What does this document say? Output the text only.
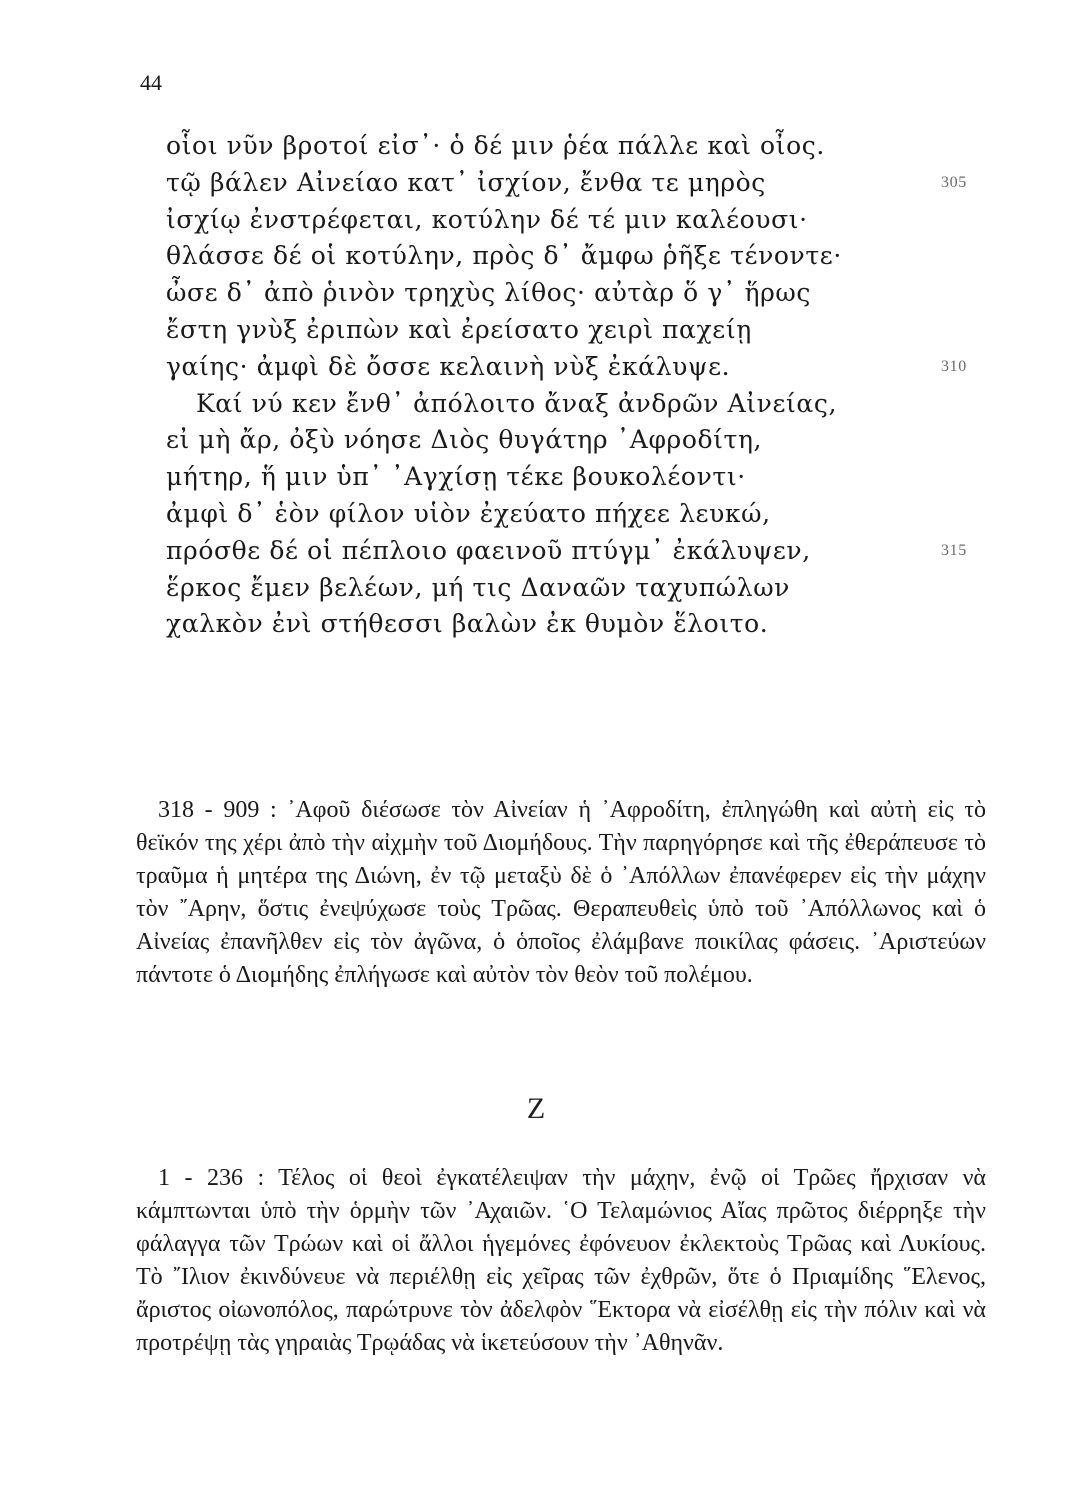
44
οἷοι νῦν βροτοί εἰσ᾽· ὁ δέ μιν ῥέα πάλλε καὶ οἶος.
τῷ βάλεν Αἰνείαο κατ᾽ ἰσχίον, ἔνθα τε μηρὸς	305
ἰσχίῳ ἐνστρέφεται, κοτύλην δέ τέ μιν καλέουσι·
θλάσσε δέ οἱ κοτύλην, πρὸς δ᾽ ἄμφω ῥῆξε τένοντε·
ὦσε δ᾽ ἀπὸ ῥινὸν τρηχὺς λίθος· αὐτὰρ ὅ γ᾽ ἥρως
ἔστη γνὺξ ἐριπὼν καὶ ἐρείσατο χειρὶ παχείῃ
γαίης· ἀμφὶ δὲ ὄσσε κελαινὴ νὺξ ἐκάλυψε.	310
Καί νύ κεν ἔνθ᾽ ἀπόλοιτο ἄναξ ἀνδρῶν Αἰνείας,
εἰ μὴ ἄρ, ὀξὺ νόησε Διὸς θυγάτηρ ᾽Αφροδίτη,
μήτηρ, ἥ μιν ὑπ᾽ ᾽Αγχίσῃ τέκε βουκολέοντι·
ἀμφὶ δ᾽ ἑὸν φίλον υἱὸν ἐχεύατο πήχεε λευκώ,
πρόσθε δέ οἱ πέπλοιο φαεινοῦ πτύγμ᾽ ἐκάλυψεν,	315
ἕρκος ἔμεν βελέων, μή τις Δαναῶν ταχυπώλων
χαλκὸν ἐνὶ στήθεσσι βαλὼν ἐκ θυμὸν ἕλοιτο.

318 - 909 : ᾽Αφοῦ διέσωσε τὸν Αἰνείαν ἡ ᾽Αφροδίτη, ἐπληγώθη καὶ αὐτὴ εἰς τὸ θεϊκόν της χέρι ἀπὸ τὴν αἰχμὴν τοῦ Διομήδους. Τὴν παρηγόρησε καὶ τῆς ἐθεράπευσε τὸ τραῦμα ἡ μητέρα της Διώνη, ἐν τῷ μεταξὺ δὲ ὁ ᾽Απόλλων ἐπανέφερεν εἰς τὴν μάχην τὸν ῎Αρην, ὅστις ἐνεψύχωσε τοὺς Τρῶας. Θεραπευθεὶς ὑπὸ τοῦ ᾽Απόλλωνος καὶ ὁ Αἰνείας ἐπανῆλθεν εἰς τὸν ἀγῶνα, ὁ ὁποῖος ἐλάμβανε ποικίλας φάσεις. ᾽Αριστεύων πάντοτε ὁ Διομήδης ἐπλήγωσε καὶ αὐτὸν τὸν θεὸν τοῦ πολέμου.

Ζ

1 - 236 : Τέλος οἱ θεοὶ ἐγκατέλειψαν τὴν μάχην, ἐνῷ οἱ Τρῶες ἤρχισαν νὰ κάμπτωνται ὑπὸ τὴν ὁρμὴν τῶν ᾽Αχαιῶν. ῾Ο Τελαμώνιος Αἴας πρῶτος διέρρηξε τὴν φάλαγγα τῶν Τρώων καὶ οἱ ἄλλοι ἡγεμόνες ἐφόνευον ἐκλεκτοὺς Τρῶας καὶ Λυκίους. Τὸ ῎Ιλιον ἐκινδύνευε νὰ περιέλθῃ εἰς χεῖρας τῶν ἐχθρῶν, ὅτε ὁ Πριαμίδης ῞Ελενος, ἄριστος οἰωνοπόλος, παρώτρυνε τὸν ἀδελφὸν ῞Εκτορα νὰ εἰσέλθῃ εἰς τὴν πόλιν καὶ νὰ προτρέψῃ τὰς γηραιὰς Τρῳάδας νὰ ἱκετεύσουν τὴν ᾽Αθηνᾶν.
